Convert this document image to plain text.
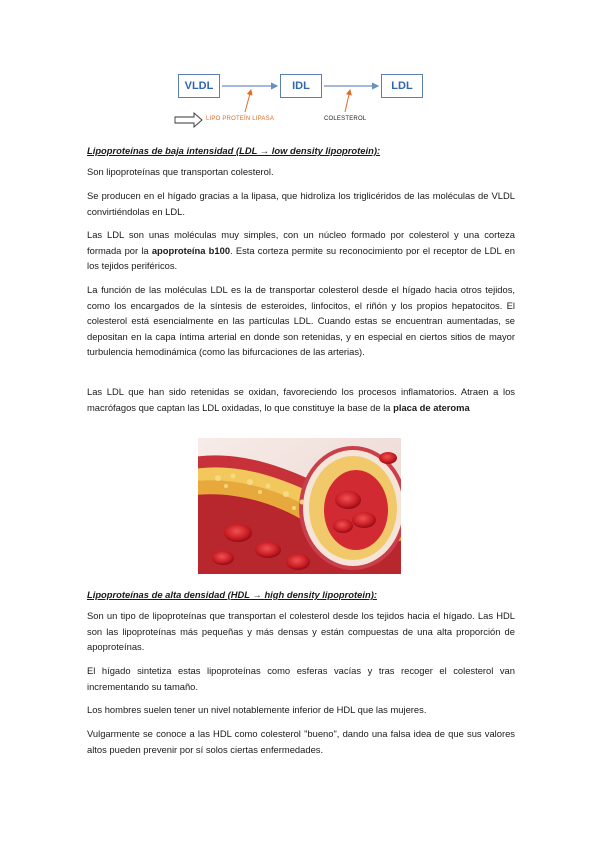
VLDL	IDL	LDL
LIPO PROTEÍN LIPASA	COLESTEROL
Lipoproteínas de baja intensidad (LDL → low density lipoprotein):
Son lipoproteínas que transportan colesterol.
Se producen en el hígado gracias a la lipasa, que hidroliza los triglicéridos de las moléculas de VLDL convirtiéndolas en LDL.
Las LDL son unas moléculas muy simples, con un núcleo formado por colesterol y una corteza formada por la apoproteína b100. Esta corteza permite su reconocimiento por el receptor de LDL en los tejidos periféricos.
La función de las moléculas LDL es la de transportar colesterol desde el hígado hacia otros tejidos, como los encargados de la síntesis de esteroides, linfocitos, el riñón y los propios hepatocitos. El colesterol está esencialmente en las partículas LDL. Cuando estas se encuentran aumentadas, se depositan en la capa íntima arterial en donde son retenidas, y en especial en ciertos sitios de mayor turbulencia hemodinámica (como las bifurcaciones de las arterias).
Las LDL que han sido retenidas se oxidan, favoreciendo los procesos inflamatorios. Atraen a los macrófagos que captan las LDL oxidadas, lo que constituye la base de la placa de ateroma
Lipoproteínas de alta densidad (HDL → high density lipoprotein):
Son un tipo de lipoproteínas que transportan el colesterol desde los tejidos hacia el hígado. Las HDL son las lipoproteínas más pequeñas y más densas y están compuestas de una alta proporción de apoproteínas.
El hígado sintetiza estas lipoproteínas como esferas vacías y tras recoger el colesterol van incrementando su tamaño.
Los hombres suelen tener un nivel notablemente inferior de HDL que las mujeres.
Vulgarmente se conoce a las HDL como colesterol "bueno", dando una falsa idea de que sus valores altos pueden prevenir por sí solos ciertas enfermedades.
